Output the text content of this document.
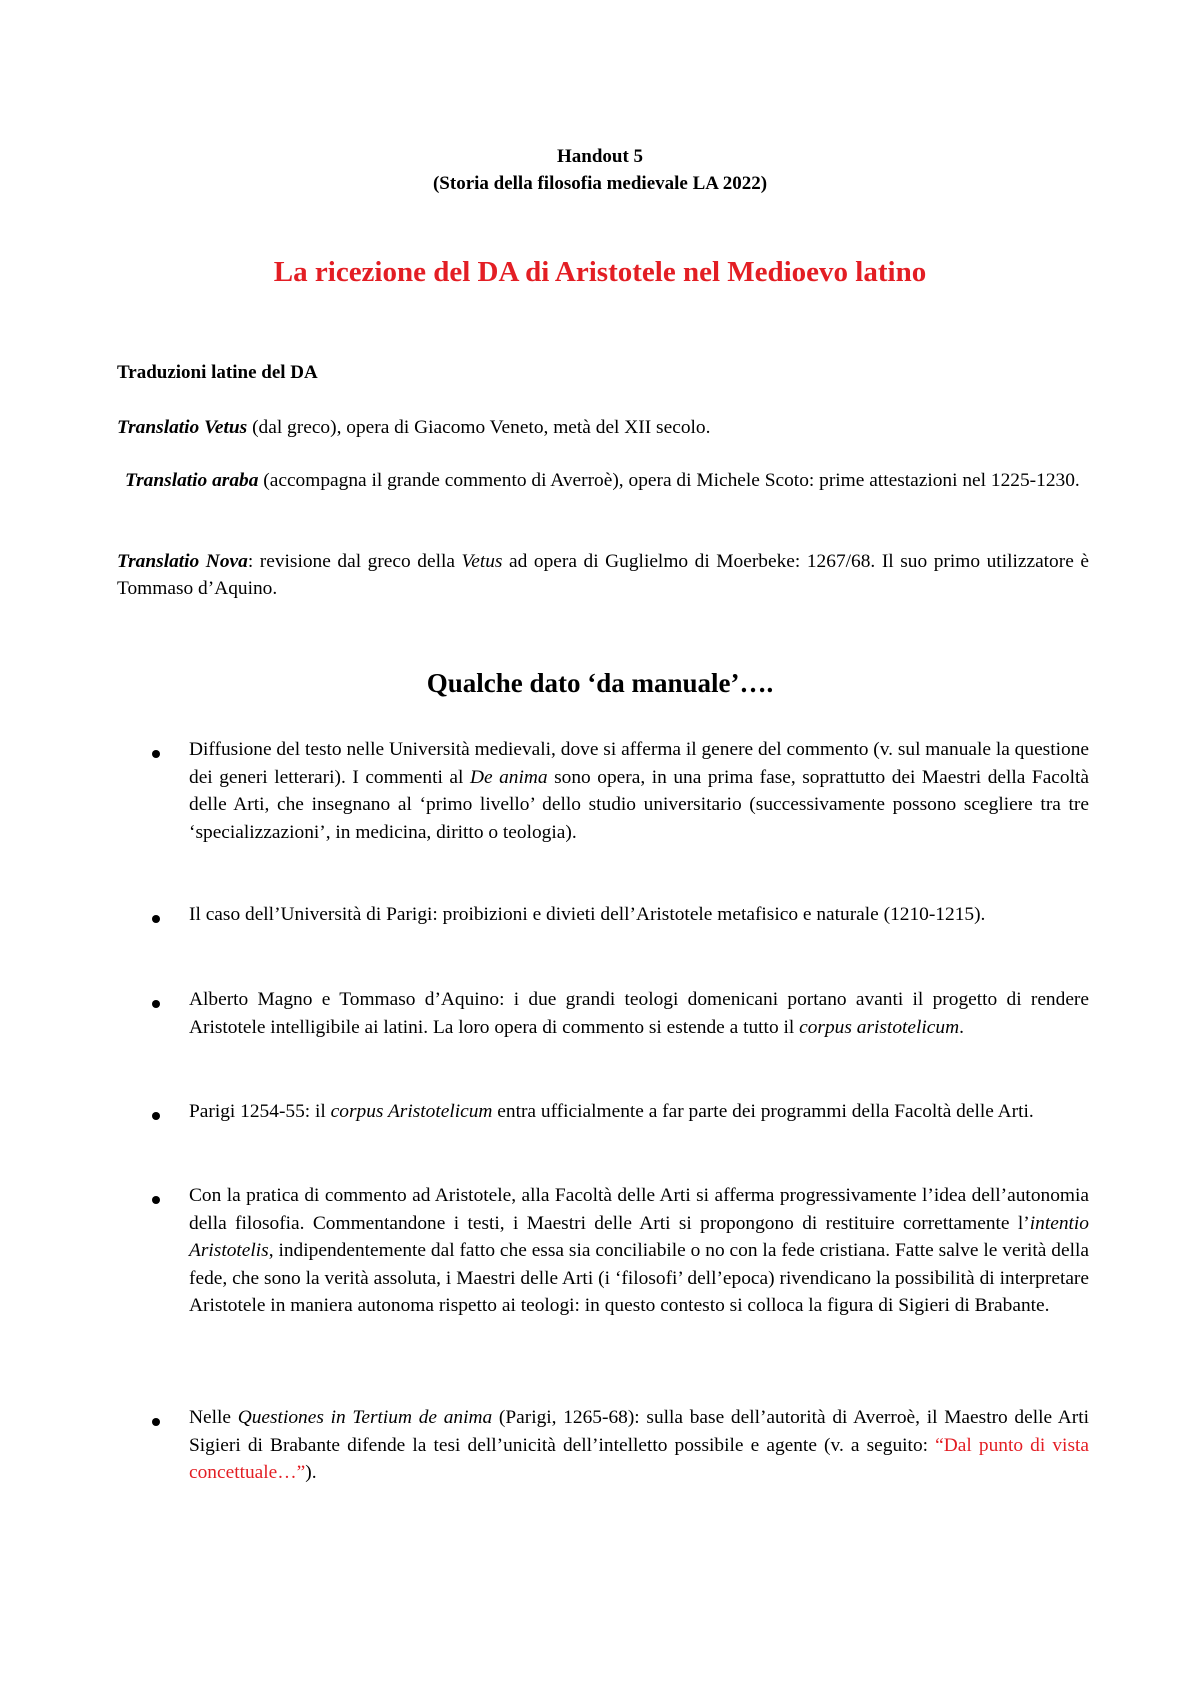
Handout 5
(Storia della filosofia medievale LA 2022)
La ricezione del DA di Aristotele nel Medioevo latino
Traduzioni latine del DA
Translatio Vetus (dal greco), opera di Giacomo Veneto, metà del XII secolo.
Translatio araba (accompagna il grande commento di Averroè), opera di Michele Scoto: prime attestazioni nel 1225-1230.
Translatio Nova: revisione dal greco della Vetus ad opera di Guglielmo di Moerbeke: 1267/68. Il suo primo utilizzatore è Tommaso d’Aquino.
Qualche dato ‘da manuale’….
Diffusione del testo nelle Università medievali, dove si afferma il genere del commento (v. sul manuale la questione dei generi letterari). I commenti al De anima sono opera, in una prima fase, soprattutto dei Maestri della Facoltà delle Arti, che insegnano al ‘primo livello’ dello studio universitario (successivamente possono scegliere tra tre ‘specializzazioni’, in medicina, diritto o teologia).
Il caso dell’Università di Parigi: proibizioni e divieti dell’Aristotele metafisico e naturale (1210-1215).
Alberto Magno e Tommaso d’Aquino: i due grandi teologi domenicani portano avanti il progetto di rendere Aristotele intelligibile ai latini. La loro opera di commento si estende a tutto il corpus aristotelicum.
Parigi 1254-55: il corpus Aristotelicum entra ufficialmente a far parte dei programmi della Facoltà delle Arti.
Con la pratica di commento ad Aristotele, alla Facoltà delle Arti si afferma progressivamente l’idea dell’autonomia della filosofia. Commentandone i testi, i Maestri delle Arti si propongono di restituire correttamente l’intentio Aristotelis, indipendentemente dal fatto che essa sia conciliabile o no con la fede cristiana. Fatte salve le verità della fede, che sono la verità assoluta, i Maestri delle Arti (i ‘filosofi’ dell’epoca) rivendicano la possibilità di interpretare Aristotele in maniera autonoma rispetto ai teologi: in questo contesto si colloca la figura di Sigieri di Brabante.
Nelle Questiones in Tertium de anima (Parigi, 1265-68): sulla base dell’autorità di Averroè, il Maestro delle Arti Sigieri di Brabante difende la tesi dell’unicità dell’intelletto possibile e agente (v. a seguito: “Dal punto di vista concettuale…”).
